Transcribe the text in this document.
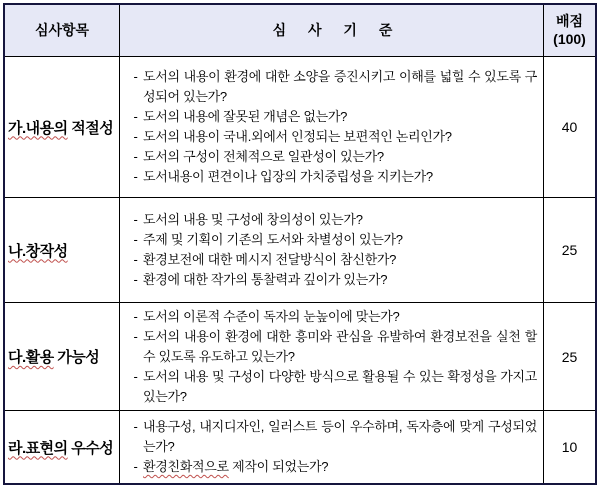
심사항목	심 사 기 준
배점
(100)
가.내용의 적절성
- 도서의 내용이 환경에 대한 소양을 증진시키고 이해를 넓힐 수 있도록 구성되어 있는가?
- 도서의 내용에 잘못된 개념은 없는가?
- 도서의 내용이 국내.외에서 인정되는 보편적인 논리인가?
- 도서의 구성이 전체적으로 일관성이 있는가?
- 도서내용이 편견이나 입장의 가치중립성을 지키는가?
40
나.창작성
- 도서의 내용 및 구성에 창의성이 있는가?
- 주제 및 기획이 기존의 도서와 차별성이 있는가?
- 환경보전에 대한 메시지 전달방식이 참신한가?
- 환경에 대한 작가의 통찰력과 깊이가 있는가?
25
다.활용 가능성
- 도서의 이론적 수준이 독자의 눈높이에 맞는가?
- 도서의 내용이 환경에 대한 흥미와 관심을 유발하여 환경보전을 실천 할 수 있도록 유도하고 있는가?
- 도서의 내용 및 구성이 다양한 방식으로 활용될 수 있는 확정성을 가지고 있는가?
25
라.표현의 우수성
- 내용구성, 내지디자인, 일러스트 등이 우수하며, 독자층에 맞게 구성되었는가?
- 환경친화적으로 제작이 되었는가?
10
